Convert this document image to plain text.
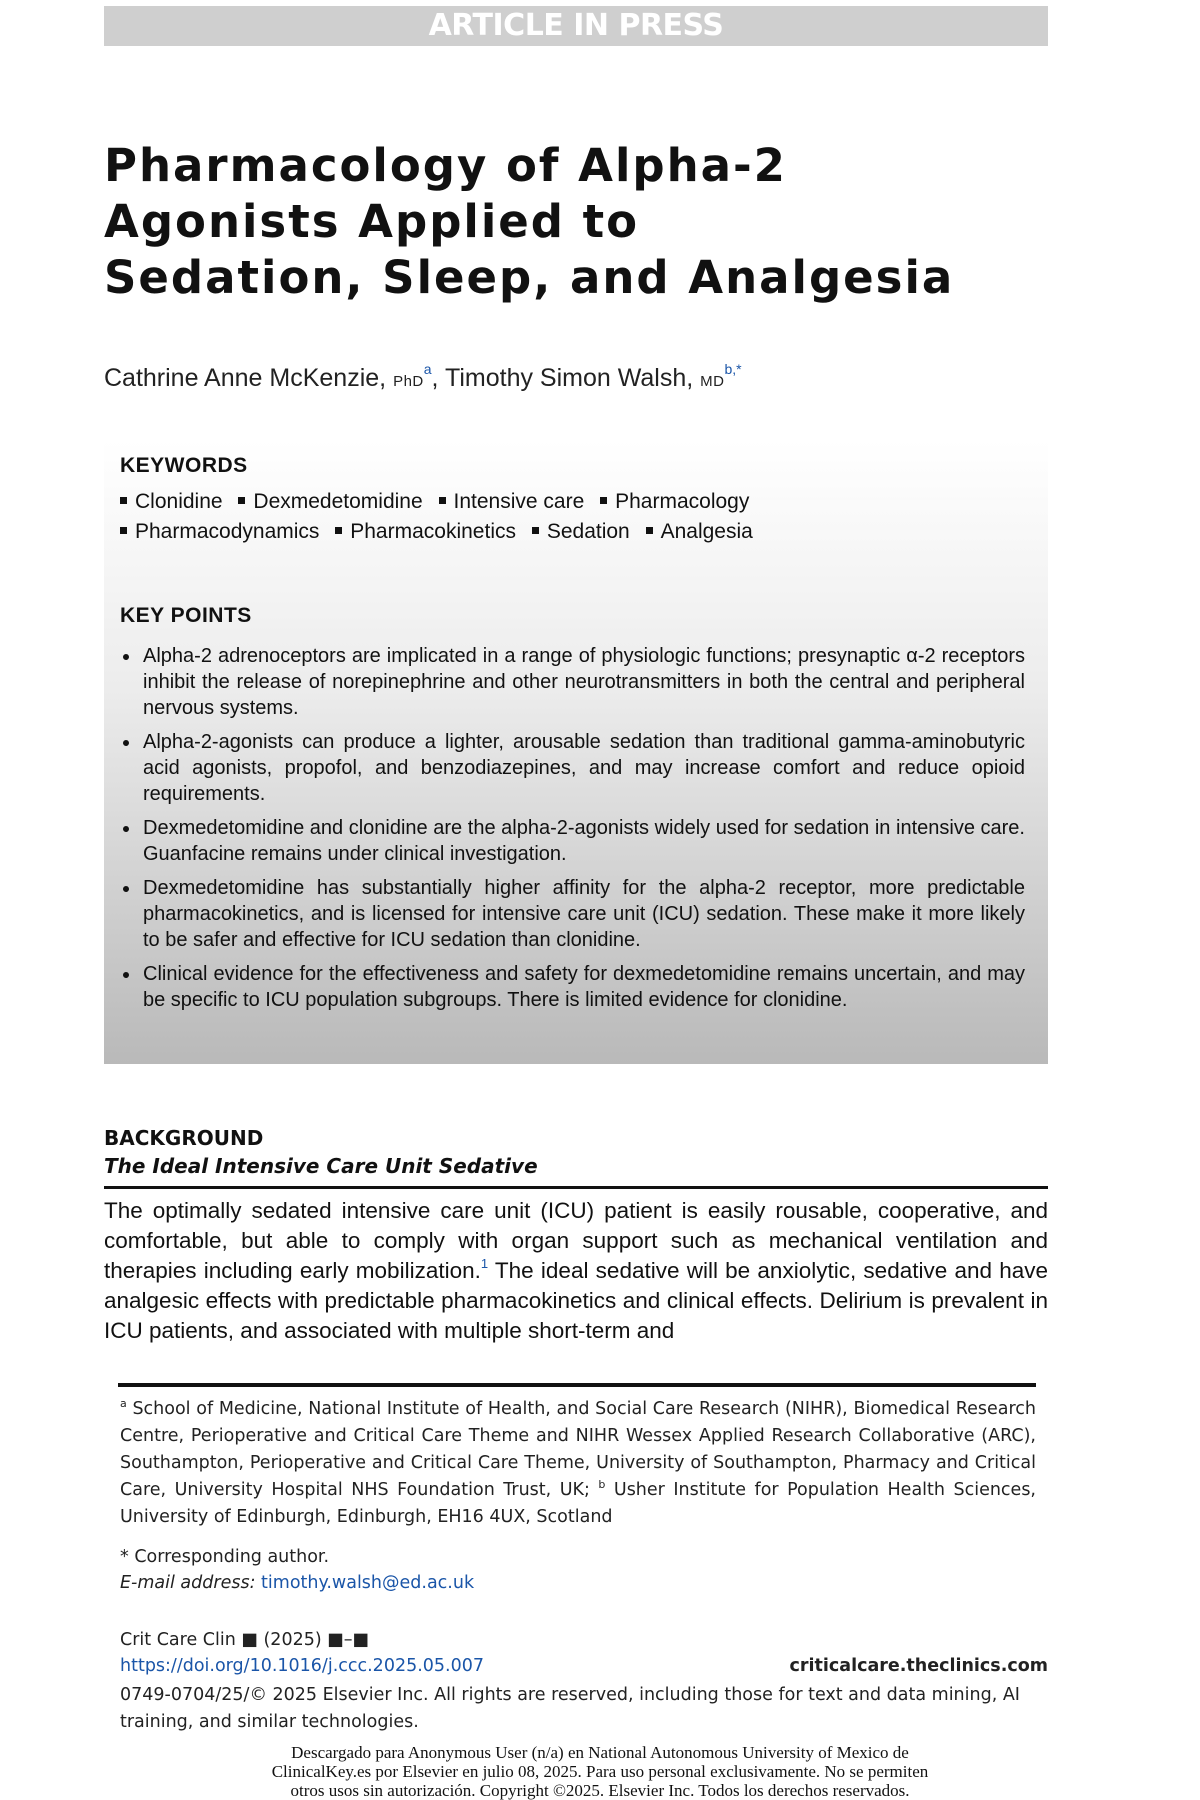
ARTICLE IN PRESS
Pharmacology of Alpha-2
Agonists Applied to
Sedation, Sleep, and Analgesia
Cathrine Anne McKenzie, PhD$^a$, Timothy Simon Walsh, $MD^{b,*}$
KEYWORDS
Clonidine Dexmedetomidine Intensive care Pharmacology
Pharmacodynamics Pharmacokinetics Sedation Analgesia
KEY POINTS
Alpha-2 adrenoceptors are implicated in a range of physiologic functions; presynaptic α-2 receptors inhibit the release of norepinephrine and other neurotransmitters in both the central and peripheral nervous systems.
Alpha-2-agonists can produce a lighter, arousable sedation than traditional gamma-aminobutyric acid agonists, propofol, and benzodiazepines, and may increase comfort and reduce opioid requirements.
Dexmedetomidine and clonidine are the alpha-2-agonists widely used for sedation in intensive care. Guanfacine remains under clinical investigation.
Dexmedetomidine has substantially higher affinity for the alpha-2 receptor, more predictable pharmacokinetics, and is licensed for intensive care unit (ICU) sedation. These make it more likely to be safer and effective for ICU sedation than clonidine.
Clinical evidence for the effectiveness and safety for dexmedetomidine remains uncertain, and may be specific to ICU population subgroups. There is limited evidence for clonidine.
BACKGROUND
The Ideal Intensive Care Unit Sedative

The optimally sedated intensive care unit (ICU) patient is easily rousable, cooperative, and comfortable, but able to comply with organ support such as mechanical ventilation and therapies including early mobilization.$^1$ The ideal sedative will be anxiolytic, sedative and have analgesic effects with predictable pharmacokinetics and clinical effects. Delirium is prevalent in ICU patients, and associated with multiple short-term and

$^a$ School of Medicine, National Institute of Health, and Social Care Research (NIHR), Biomedical Research Centre, Perioperative and Critical Care Theme and NIHR Wessex Applied Research Collaborative (ARC), Southampton, Perioperative and Critical Care Theme, University of Southampton, Pharmacy and Critical Care, University Hospital NHS Foundation Trust, UK; $^b$ Usher Institute for Population Health Sciences, University of Edinburgh, Edinburgh, EH16 4UX, Scotland

* Corresponding author.
E-mail address: timothy.walsh@ed.ac.uk
Crit Care Clin ■ (2025) ■–■
https://doi.org/10.1016/j.ccc.2025.05.007	criticalcare.theclinics.com
0749-0704/25/© 2025 Elsevier Inc. All rights are reserved, including those for text and data mining, AI training, and similar technologies.
Descargado para Anonymous User (n/a) en National Autonomous University of Mexico de
ClinicalKey.es por Elsevier en julio 08, 2025. Para uso personal exclusivamente. No se permiten
otros usos sin autorización. Copyright ©2025. Elsevier Inc. Todos los derechos reservados.
